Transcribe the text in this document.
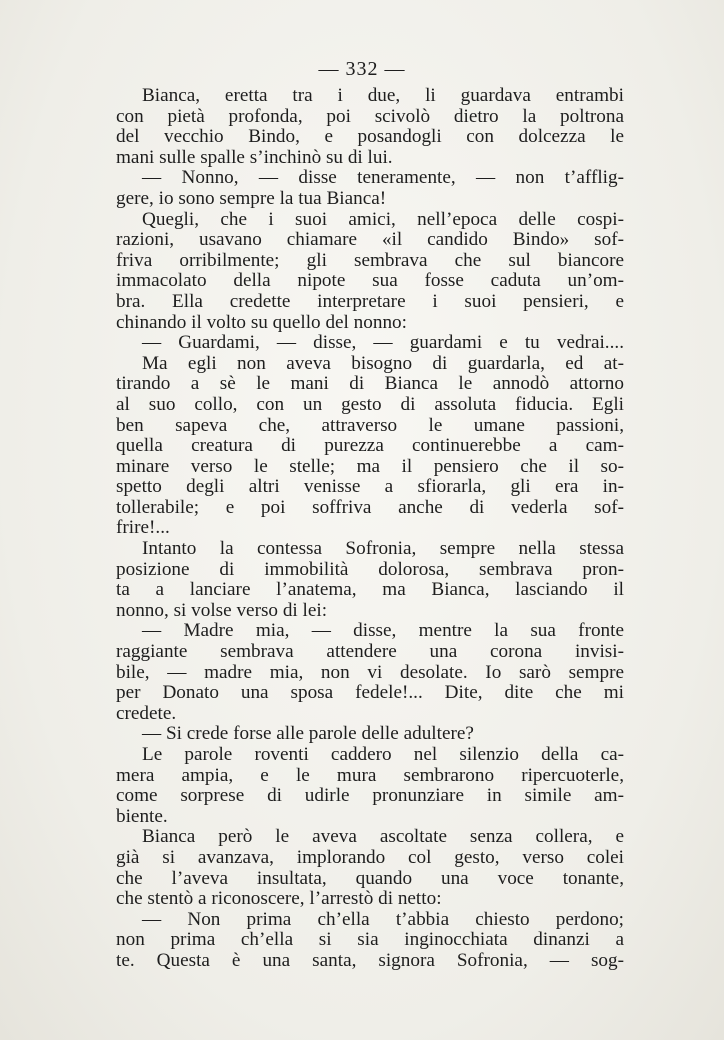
— 332 —
Bianca, eretta tra i due, li guardava entrambi
con pietà profonda, poi scivolò dietro la poltrona
del vecchio Bindo, e posandogli con dolcezza le
mani sulle spalle s’inchinò su di lui.
— Nonno, — disse teneramente, — non t’afflig-
gere, io sono sempre la tua Bianca!
Quegli, che i suoi amici, nell’epoca delle cospi-
razioni, usavano chiamare «il candido Bindo» sof-
friva orribilmente; gli sembrava che sul biancore
immacolato della nipote sua fosse caduta un’om-
bra. Ella credette interpretare i suoi pensieri, e
chinando il volto su quello del nonno:
— Guardami, — disse, — guardami e tu vedrai....
Ma egli non aveva bisogno di guardarla, ed at-
tirando a sè le mani di Bianca le annodò attorno
al suo collo, con un gesto di assoluta fiducia. Egli
ben sapeva che, attraverso le umane passioni,
quella creatura di purezza continuerebbe a cam-
minare verso le stelle; ma il pensiero che il so-
spetto degli altri venisse a sfiorarla, gli era in-
tollerabile; e poi soffriva anche di vederla sof-
frire!...
Intanto la contessa Sofronia, sempre nella stessa
posizione di immobilità dolorosa, sembrava pron-
ta a lanciare l’anatema, ma Bianca, lasciando il
nonno, si volse verso di lei:
— Madre mia, — disse, mentre la sua fronte
raggiante sembrava attendere una corona invisi-
bile, — madre mia, non vi desolate. Io sarò sempre
per Donato una sposa fedele!... Dite, dite che mi
credete.
— Si crede forse alle parole delle adultere?
Le parole roventi caddero nel silenzio della ca-
mera ampia, e le mura sembrarono ripercuoterle,
come sorprese di udirle pronunziare in simile am-
biente.
Bianca però le aveva ascoltate senza collera, e
già si avanzava, implorando col gesto, verso colei
che l’aveva insultata, quando una voce tonante,
che stentò a riconoscere, l’arrestò di netto:
— Non prima ch’ella t’abbia chiesto perdono;
non prima ch’ella si sia inginocchiata dinanzi a
te. Questa è una santa, signora Sofronia, — sog-
